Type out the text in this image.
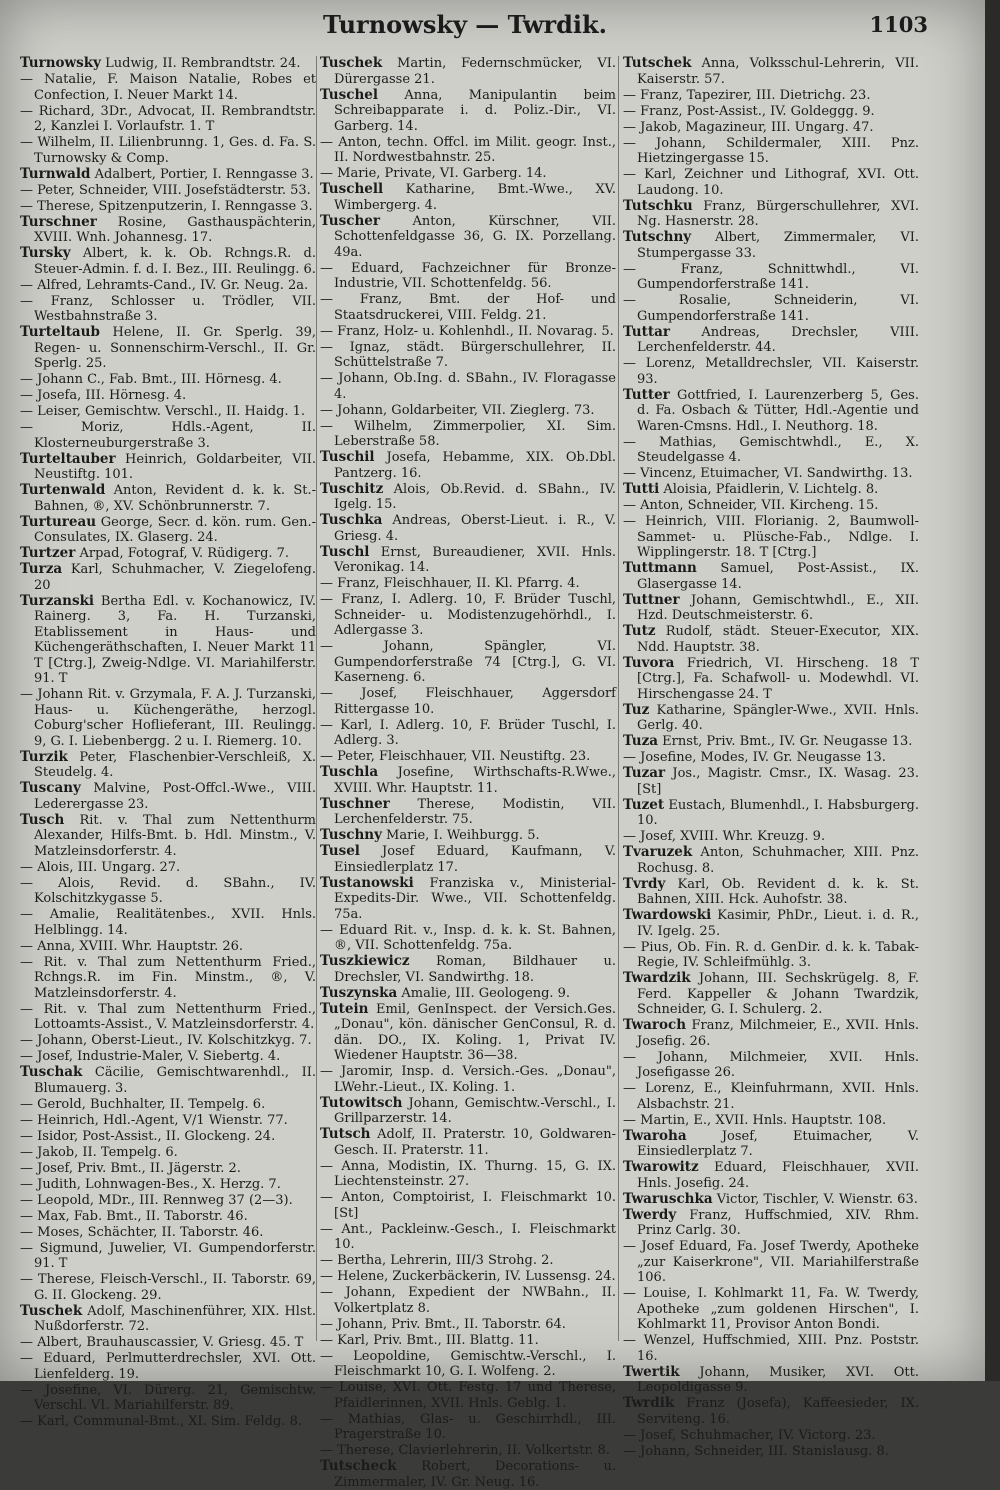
Turnowsky — Twrdik.	1103
Turnowsky Ludwig, II. Rembrandtstr. 24.
— Natalie, F. Maison Natalie, Robes et Confection, I. Neuer Markt 14.
— Richard, 3Dr., Advocat, II. Rembrandtstr. 2, Kanzlei I. Vorlaufstr. 1. T
— Wilhelm, II. Lilienbrunng. 1, Ges. d. Fa. S. Turnowsky & Comp.
Turnwald Adalbert, Portier, I. Renngasse 3.
— Peter, Schneider, VIII. Josefstädterstr. 53.
— Therese, Spitzenputzerin, I. Renngasse 3.
Turschner Rosine, Gasthauspächterin, XVIII. Wnh. Johannesg. 17.
Tursky Albert, k. k. Ob. Rchngs.R. d. Steuer-Admin. f. d. I. Bez., III. Reulingg. 6.
— Alfred, Lehramts-Cand., IV. Gr. Neug. 2a.
— Franz, Schlosser u. Trödler, VII. Westbahnstraße 3.
Turteltaub Helene, II. Gr. Sperlg. 39, Regen- u. Sonnenschirm-Verschl., II. Gr. Sperlg. 25.
— Johann C., Fab. Bmt., III. Hörnesg. 4.
— Josefa, III. Hörnesg. 4.
— Leiser, Gemischtw. Verschl., II. Haidg. 1.
— Moriz, Hdls.-Agent, II. Klosterneuburgerstraße 3.
Turteltauber Heinrich, Goldarbeiter, VII. Neustiftg. 101.
Turtenwald Anton, Revident d. k. k. St.-Bahnen, ®, XV. Schönbrunnerstr. 7.
Turtureau George, Secr. d. kön. rum. Gen.-Consulates, IX. Glaserg. 24.
Turtzer Arpad, Fotograf, V. Rüdigerg. 7.
Turza Karl, Schuhmacher, V. Ziegelofeng. 20
Turzanski Bertha Edl. v. Kochanowicz, IV. Rainerg. 3, Fa. H. Turzanski, Etablissement in Haus- und Küchengeräthschaften, I. Neuer Markt 11 T [Ctrg.], Zweig-Ndlge. VI. Mariahilferstr. 91. T
— Johann Rit. v. Grzymala, F. A. J. Turzanski, Haus- u. Küchengeräthe, herzogl. Coburg'scher Hoflieferant, III. Reulingg. 9, G. I. Liebenbergg. 2 u. I. Riemerg. 10.
Turzik Peter, Flaschenbier-Verschleiß, X. Steudelg. 4.
Tuscany Malvine, Post-Offcl.-Wwe., VIII. Lederergasse 23.
Tusch Rit. v. Thal zum Nettenthurm Alexander, Hilfs-Bmt. b. Hdl. Minstm., V. Matzleinsdorferstr. 4.
— Alois, III. Ungarg. 27.
— Alois, Revid. d. SBahn., IV. Kolschitzkygasse 5.
— Amalie, Realitätenbes., XVII. Hnls. Helblingg. 14.
— Anna, XVIII. Whr. Hauptstr. 26.
— Rit. v. Thal zum Nettenthurm Fried., Rchngs.R. im Fin. Minstm., ®, V. Matzleinsdorferstr. 4.
— Rit. v. Thal zum Nettenthurm Fried., Lottoamts-Assist., V. Matzleinsdorferstr. 4.
— Johann, Oberst-Lieut., IV. Kolschitzkyg. 7.
— Josef, Industrie-Maler, V. Siebertg. 4.
Tuschak Cäcilie, Gemischtwarenhdl., II. Blumauerg. 3.
— Gerold, Buchhalter, II. Tempelg. 6.
— Heinrich, Hdl.-Agent, V/1 Wienstr. 77.
— Isidor, Post-Assist., II. Glockeng. 24.
— Jakob, II. Tempelg. 6.
— Josef, Priv. Bmt., II. Jägerstr. 2.
— Judith, Lohnwagen-Bes., X. Herzg. 7.
— Leopold, MDr., III. Rennweg 37 (2—3).
— Max, Fab. Bmt., II. Taborstr. 46.
— Moses, Schächter, II. Taborstr. 46.
— Sigmund, Juwelier, VI. Gumpendorferstr. 91. T
— Therese, Fleisch-Verschl., II. Taborstr. 69, G. II. Glockeng. 29.
Tuschek Adolf, Maschinenführer, XIX. Hlst. Nußdorferstr. 72.
— Albert, Brauhauscassier, V. Griesg. 45. T
— Eduard, Perlmutterdrechsler, XVI. Ott. Lienfelderg. 19.
— Josefine, VI. Dürerg. 21, Gemischtw. Verschl. VI. Mariahilferstr. 89.
— Karl, Communal-Bmt., XI. Sim. Feldg. 8.
Tuschek Martin, Federnschmücker, VI. Dürergasse 21.
Tuschel Anna, Manipulantin beim Schreibapparate i. d. Poliz.-Dir., VI. Garberg. 14.
— Anton, techn. Offcl. im Milit. geogr. Inst., II. Nordwestbahnstr. 25.
— Marie, Private, VI. Garberg. 14.
Tuschell Katharine, Bmt.-Wwe., XV. Wimbergerg. 4.
Tuscher Anton, Kürschner, VII. Schottenfeldgasse 36, G. IX. Porzellang. 49a.
— Eduard, Fachzeichner für Bronze-Industrie, VII. Schottenfeldg. 56.
— Franz, Bmt. der Hof- und Staatsdruckerei, VIII. Feldg. 21.
— Franz, Holz- u. Kohlenhdl., II. Novarag. 5.
— Ignaz, städt. Bürgerschullehrer, II. Schüttelstraße 7.
— Johann, Ob.Ing. d. SBahn., IV. Floragasse 4.
— Johann, Goldarbeiter, VII. Zieglerg. 73.
— Wilhelm, Zimmerpolier, XI. Sim. Leberstraße 58.
Tuschil Josefa, Hebamme, XIX. Ob.Dbl. Pantzerg. 16.
Tuschitz Alois, Ob.Revid. d. SBahn., IV. Igelg. 15.
Tuschka Andreas, Oberst-Lieut. i. R., V. Griesg. 4.
Tuschl Ernst, Bureaudiener, XVII. Hnls. Veronikag. 14.
— Franz, Fleischhauer, II. Kl. Pfarrg. 4.
— Franz, I. Adlerg. 10, F. Brüder Tuschl, Schneider- u. Modistenzugehörhdl., I. Adlergasse 3.
— Johann, Spängler, VI. Gumpendorferstraße 74 [Ctrg.], G. VI. Kaserneng. 6.
— Josef, Fleischhauer, Aggersdorf Rittergasse 10.
— Karl, I. Adlerg. 10, F. Brüder Tuschl, I. Adlerg. 3.
— Peter, Fleischhauer, VII. Neustiftg. 23.
Tuschla Josefine, Wirthschafts-R.Wwe., XVIII. Whr. Hauptstr. 11.
Tuschner Therese, Modistin, VII. Lerchenfelderstr. 75.
Tuschny Marie, I. Weihburgg. 5.
Tusel Josef Eduard, Kaufmann, V. Einsiedlerplatz 17.
Tustanowski Franziska v., Ministerial-Expedits-Dir. Wwe., VII. Schottenfeldg. 75a.
— Eduard Rit. v., Insp. d. k. k. St. Bahnen, ®, VII. Schottenfeldg. 75a.
Tuszkiewicz Roman, Bildhauer u. Drechsler, VI. Sandwirthg. 18.
Tuszynska Amalie, III. Geologeng. 9.
Tutein Emil, GenInspect. der Versich.Ges. „Donau", kön. dänischer GenConsul, R. d. dän. DO., IX. Koling. 1, Privat IV. Wiedener Hauptstr. 36—38.
— Jaromir, Insp. d. Versich.-Ges. „Donau", LWehr.-Lieut., IX. Koling. 1.
Tutowitsch Johann, Gemischtw.-Verschl., I. Grillparzerstr. 14.
Tutsch Adolf, II. Praterstr. 10, Goldwaren-Gesch. II. Praterstr. 11.
— Anna, Modistin, IX. Thurng. 15, G. IX. Liechtensteinstr. 27.
— Anton, Comptoirist, I. Fleischmarkt 10. [St]
— Ant., Packleinw.-Gesch., I. Fleischmarkt 10.
— Bertha, Lehrerin, III/3 Strohg. 2.
— Helene, Zuckerbäckerin, IV. Lussensg. 24.
— Johann, Expedient der NWBahn., II. Volkertplatz 8.
— Johann, Priv. Bmt., II. Taborstr. 64.
— Karl, Priv. Bmt., III. Blattg. 11.
— Leopoldine, Gemischtw.-Verschl., I. Fleischmarkt 10, G. I. Wolfeng. 2.
— Louise, XVI. Ott. Festg. 17 und Therese, Pfaidlerinnen, XVII. Hnls. Geblg. 1.
— Mathias, Glas- u. Geschirrhdl., III. Pragerstraße 10.
— Therese, Clavierlehrerin, II. Volkertstr. 8.
Tutscheck Robert, Decorations- u. Zimmermaler, IV. Gr. Neug. 16.
Tutschek Anna, Volksschul-Lehrerin, VII. Kaiserstr. 57.
— Franz, Tapezirer, III. Dietrichg. 23.
— Franz, Post-Assist., IV. Goldeggg. 9.
— Jakob, Magazineur, III. Ungarg. 47.
— Johann, Schildermaler, XIII. Pnz. Hietzingergasse 15.
— Karl, Zeichner und Lithograf, XVI. Ott. Laudong. 10.
Tutschku Franz, Bürgerschullehrer, XVI. Ng. Hasnerstr. 28.
Tutschny Albert, Zimmermaler, VI. Stumpergasse 33.
— Franz, Schnittwhdl., VI. Gumpendorferstraße 141.
— Rosalie, Schneiderin, VI. Gumpendorferstraße 141.
Tuttar Andreas, Drechsler, VIII. Lerchenfelderstr. 44.
— Lorenz, Metalldrechsler, VII. Kaiserstr. 93.
Tutter Gottfried, I. Laurenzerberg 5, Ges. d. Fa. Osbach & Tütter, Hdl.-Agentie und Waren-Cmsns. Hdl., I. Neuthorg. 18.
— Mathias, Gemischtwhdl., E., X. Steudelgasse 4.
— Vincenz, Etuimacher, VI. Sandwirthg. 13.
Tutti Aloisia, Pfaidlerin, V. Lichtelg. 8.
— Anton, Schneider, VII. Kircheng. 15.
— Heinrich, VIII. Florianig. 2, Baumwoll-Sammet- u. Plüsche-Fab., Ndlge. I. Wipplingerstr. 18. T [Ctrg.]
Tuttmann Samuel, Post-Assist., IX. Glasergasse 14.
Tuttner Johann, Gemischtwhdl., E., XII. Hzd. Deutschmeisterstr. 6.
Tutz Rudolf, städt. Steuer-Executor, XIX. Ndd. Hauptstr. 38.
Tuvora Friedrich, VI. Hirscheng. 18 T [Ctrg.], Fa. Schafwoll- u. Modewhdl. VI. Hirschengasse 24. T
Tuz Katharine, Spängler-Wwe., XVII. Hnls. Gerlg. 40.
Tuza Ernst, Priv. Bmt., IV. Gr. Neugasse 13.
— Josefine, Modes, IV. Gr. Neugasse 13.
Tuzar Jos., Magistr. Cmsr., IX. Wasag. 23. [St]
Tuzet Eustach, Blumenhdl., I. Habsburgerg. 10.
— Josef, XVIII. Whr. Kreuzg. 9.
Tvaruzek Anton, Schuhmacher, XIII. Pnz. Rochusg. 8.
Tvrdy Karl, Ob. Revident d. k. k. St. Bahnen, XIII. Hck. Auhofstr. 38.
Twardowski Kasimir, PhDr., Lieut. i. d. R., IV. Igelg. 25.
— Pius, Ob. Fin. R. d. GenDir. d. k. k. Tabak-Regie, IV. Schleifmühlg. 3.
Twardzik Johann, III. Sechskrügelg. 8, F. Ferd. Kappeller & Johann Twardzik, Schneider, G. I. Schulerg. 2.
Twaroch Franz, Milchmeier, E., XVII. Hnls. Josefig. 26.
— Johann, Milchmeier, XVII. Hnls. Josefigasse 26.
— Lorenz, E., Kleinfuhrmann, XVII. Hnls. Alsbachstr. 21.
— Martin, E., XVII. Hnls. Hauptstr. 108.
Twaroha Josef, Etuimacher, V. Einsiedlerplatz 7.
Twarowitz Eduard, Fleischhauer, XVII. Hnls. Josefig. 24.
Twaruschka Victor, Tischler, V. Wienstr. 63.
Twerdy Franz, Huffschmied, XIV. Rhm. Prinz Carlg. 30.
— Josef Eduard, Fa. Josef Twerdy, Apotheke „zur Kaiserkrone", VII. Mariahilferstraße 106.
— Louise, I. Kohlmarkt 11, Fa. W. Twerdy, Apotheke „zum goldenen Hirschen", I. Kohlmarkt 11, Provisor Anton Bondi.
— Wenzel, Huffschmied, XIII. Pnz. Poststr. 16.
Twertik Johann, Musiker, XVI. Ott. Leopoldigasse 9.
Twrdik Franz (Josefa), Kaffeesieder, IX. Serviteng. 16.
— Josef, Schuhmacher, IV. Victorg. 23.
— Johann, Schneider, III. Stanislausg. 8.
